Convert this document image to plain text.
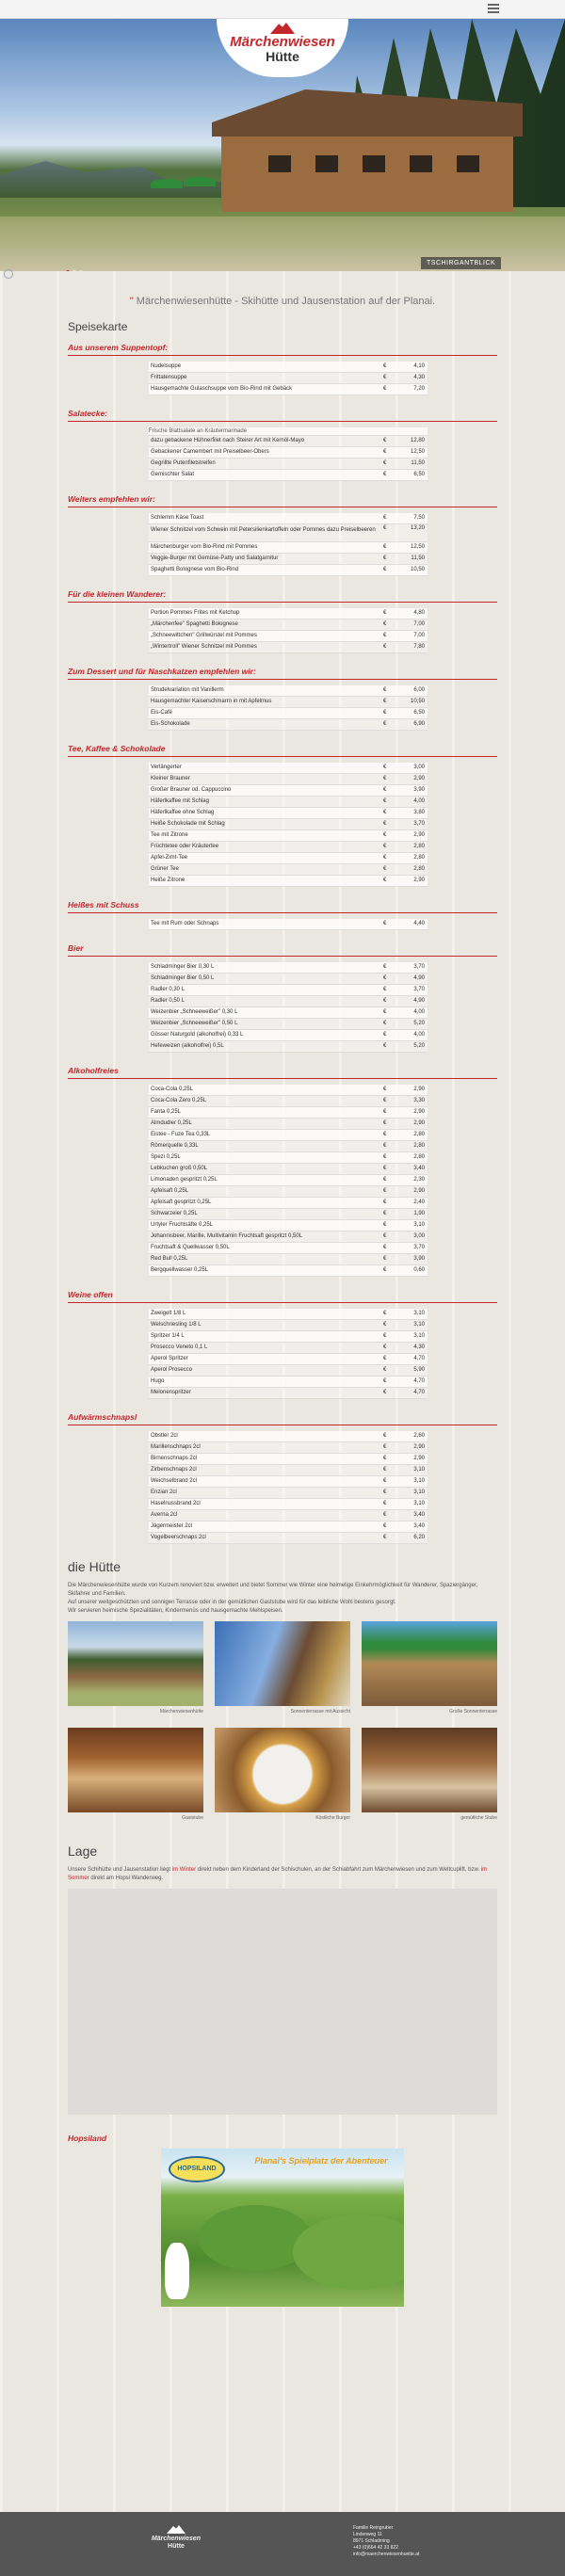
Märchenwiesen
Hütte
TSCHIRGANTBLICK
" Märchenwiesenhütte - Skihütte und Jausenstation auf der Planai.
Speisekarte
Aus unserem Suppentopf:
Nudelsuppe	€	4,10
Frittatensuppe	€	4,30
Hausgemachte Gulaschsuppe vom Bio-Rind mit Gebäck	€	7,20
Salatecke:
Frische Blattsalate an Kräutermarinade
dazu gebackene Hühnerfilet nach Steirer Art mit Kernöl-Mayo	€	12,80
Gebackener Camembert mit Preiselbeer-Obers	€	12,50
Gegrillte Putenfiletstreifen	€	11,50
Gemischter Salat	€	6,50
Weiters empfehlen wir:
Schlemm Käse Toast	€	7,50
Wiener Schnitzel vom Schwein mit Petersilienkartoffeln oder Pommes dazu Preiselbeeren	€	13,20
Märchenburger vom Bio-Rind mit Pommes	€	12,50
Veggie-Burger mit Gemüse-Patty und Salatgarnitur	€	11,50
Spaghetti Bolognese vom Bio-Rind	€	10,50
Für die kleinen Wanderer:
Portion Pommes Frites mit Ketchup	€	4,80
„Märchenfee" Spaghetti Bolognese	€	7,00
„Schneewittchen" Grillwürstel mit Pommes	€	7,00
„Wintertroll" Wiener Schnitzel mit Pommes	€	7,80
Zum Dessert und für Naschkatzen empfehlen wir:
Strudelvariation mit Vanillerm	€	6,00
Hausgemachter Kaiserschmarrn in mit Apfelmus	€	10,50
Eis-Café	€	6,50
Eis-Schokolade	€	6,90
Tee, Kaffee & Schokolade
Verlängerter	€	3,00
Kleiner Brauner	€	2,90
Großer Brauner od. Cappuccino	€	3,90
Häferlkaffee mit Schlag	€	4,00
Häferlkaffee ohne Schlag	€	3,80
Heiße Schokolade mit Schlag	€	3,70
Tee mit Zitrone	€	2,90
Früchtetee oder Kräutertee	€	2,80
Apfel-Zimt-Tee	€	2,80
Grüner Tee	€	2,80
Heiße Zitrone	€	2,90
Heißes mit Schuss
Tee mit Rum oder Schnaps	€	4,40
Bier
Schladminger Bier 0,30 L	€	3,70
Schladminger Bier 0,50 L	€	4,90
Radler 0,30 L	€	3,70
Radler 0,50 L	€	4,90
Weizenbier „Schneeweißer" 0,30 L	€	4,00
Weizenbier „Schneeweißer" 0,50 L	€	5,20
Gösser Naturgold (alkoholfrei) 0,33 L	€	4,00
Hefeweizen (alkoholfrei) 0,5L	€	5,20
Alkoholfreies
Coca-Cola 0,25L	€	2,90
Coca-Cola Zero 0,25L	€	3,30
Fanta 0,25L	€	2,90
Almdudler 0,25L	€	2,90
Eistee - Fuze Tea 0,33L	€	2,80
Römerquelle 0,33L	€	2,80
Spezi 0,25L	€	2,80
Lebkuchen groß 0,50L	€	3,40
Limonaden gespritzt 0,25L	€	2,30
Apfelsaft 0,25L	€	2,90
Apfelsaft gespritzt 0,25L	€	2,40
Schwarzeier 0,25L	€	1,90
Urtyler Fruchtsäfte 0,25L	€	3,10
Johannisbeer, Marille, Multivitamin Fruchtsaft gespritzt 0,50L	€	3,00
Fruchtsaft & Quellwasser 0,50L	€	3,70
Red Bull 0,25L	€	3,90
Bergquellwasser 0,25L	€	0,60
Weine offen
Zweigelt 1/8 L	€	3,10
Welschriesling 1/8 L	€	3,10
Spritzer 1/4 L	€	3,10
Prosecco Veneto 0,1 L	€	4,30
Aperol Spritzer	€	4,70
Aperol Prosecco	€	5,90
Hugo	€	4,70
Melonenspritzer	€	4,70
Aufwärmschnapsl
Obstler 2cl	€	2,60
Marillenschnaps 2cl	€	2,90
Birnenschnaps 2cl	€	2,90
Zirbenschnaps 2cl	€	3,10
Weichselbrand 2cl	€	3,10
Enzian 2cl	€	3,10
Haselnussbrand 2cl	€	3,10
Averna 2cl	€	3,40
Jägermeister 2cl	€	3,40
Vogelbeerschnaps 2cl	€	6,20
die Hütte

Die Märchenwiesenhütte wurde von Kurzem renoviert bzw. erweitert und bietet Sommer wie Winter eine heimelige Einkehrmöglichkeit für Wanderer, Spaziergänger, Skifahrer und Familien.

Auf unserer weitgeschützten und sonnigen Terrasse oder in der gemütlichen Gaststube wird für das leibliche Wohl bestens gesorgt.

Wir servieren heimische Spezialitäten, Kindermenüs und hausgemachte Mehlspeisen.

Märchenwiesenhütte	Sonnenterrasse mit Aussicht	Große Sonnenterrasse
Gaststube	Köstliche Burger	gemütliche Stube
Lage

Unsere Schihütte und Jausenstation liegt im Winter direkt neben dem Kinderland der Schischulen, an der Schiabfahrt zum Märchenwiesen und zum Weltcuplift, bzw. im Sommer direkt am Hopsi Wanderweg.

Hopsiland
HOPSILAND
Planai's Spielplatz der Abenteuer
Märchenwiesen
Hütte
Familie Reingruber
Lindenweg 11
8971 Schladming
+43 (0)664 42 33 822
info@maerchenwiesenhuette.at
